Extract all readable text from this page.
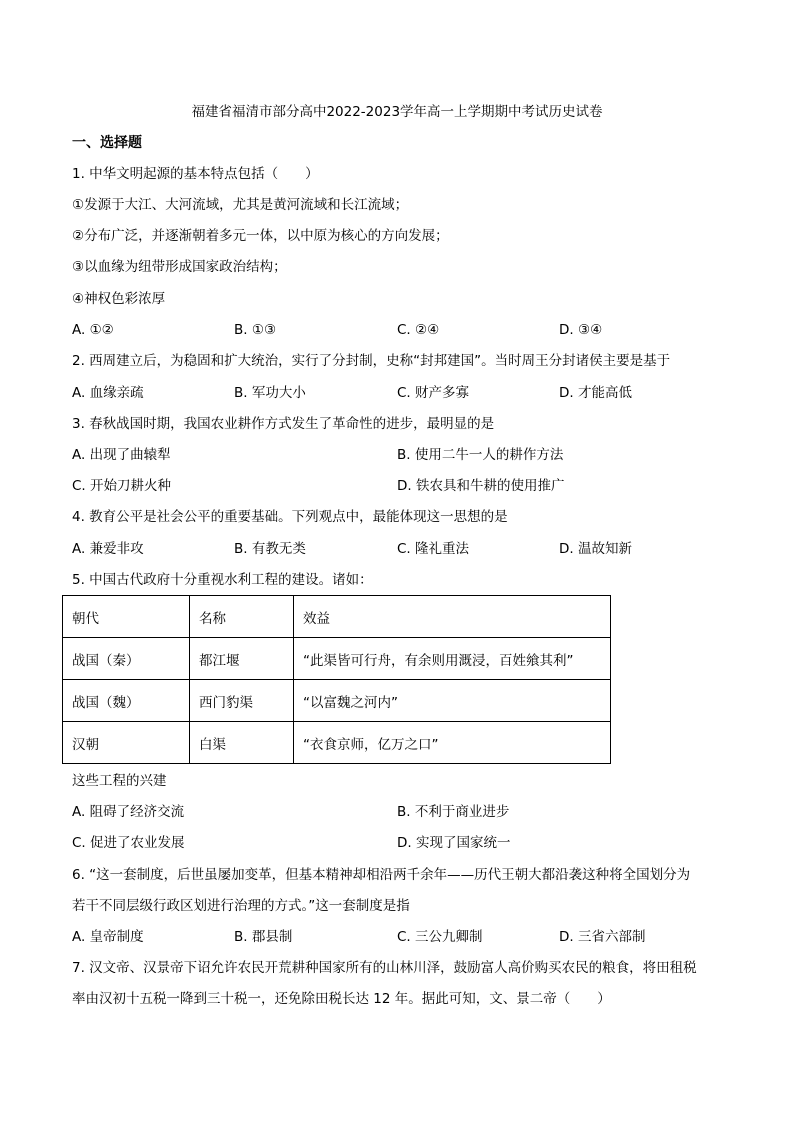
福建省福清市部分高中2022-2023学年高一上学期期中考试历史试卷
一、选择题
1. 中华文明起源的基本特点包括（　　）
①发源于大江、大河流域，尤其是黄河流域和长江流域；
②分布广泛，并逐渐朝着多元一体，以中原为核心的方向发展；
③以血缘为纽带形成国家政治结构；
④神权色彩浓厚
A. ①②	B. ①③	C. ②④	D. ③④
2. 西周建立后，为稳固和扩大统治，实行了分封制，史称“封邦建国”。当时周王分封诸侯主要是基于
A. 血缘亲疏	B. 军功大小	C. 财产多寡	D. 才能高低
3. 春秋战国时期，我国农业耕作方式发生了革命性的进步，最明显的是
A. 出现了曲辕犁	B. 使用二牛一人的耕作方法
C. 开始刀耕火种	D. 铁农具和牛耕的使用推广
4. 教育公平是社会公平的重要基础。下列观点中，最能体现这一思想的是
A. 兼爱非攻	B. 有教无类	C. 隆礼重法	D. 温故知新
5. 中国古代政府十分重视水利工程的建设。诸如：
朝代	名称	效益
战国（秦）	都江堰	“此渠皆可行舟，有余则用溉浸，百姓飨其利”
战国（魏）	西门豹渠	“以富魏之河内”
汉朝	白渠	“衣食京师，亿万之口”
这些工程的兴建
A. 阻碍了经济交流	B. 不利于商业进步
C. 促进了农业发展	D. 实现了国家统一
6. “这一套制度，后世虽屡加变革，但基本精神却相沿两千余年——历代王朝大都沿袭这种将全国划分为
若干不同层级行政区划进行治理的方式。”这一套制度是指
A. 皇帝制度	B. 郡县制	C. 三公九卿制	D. 三省六部制
7. 汉文帝、汉景帝下诏允许农民开荒耕种国家所有的山林川泽，鼓励富人高价购买农民的粮食，将田租税
率由汉初十五税一降到三十税一，还免除田税长达 12 年。据此可知，文、景二帝（　　）
